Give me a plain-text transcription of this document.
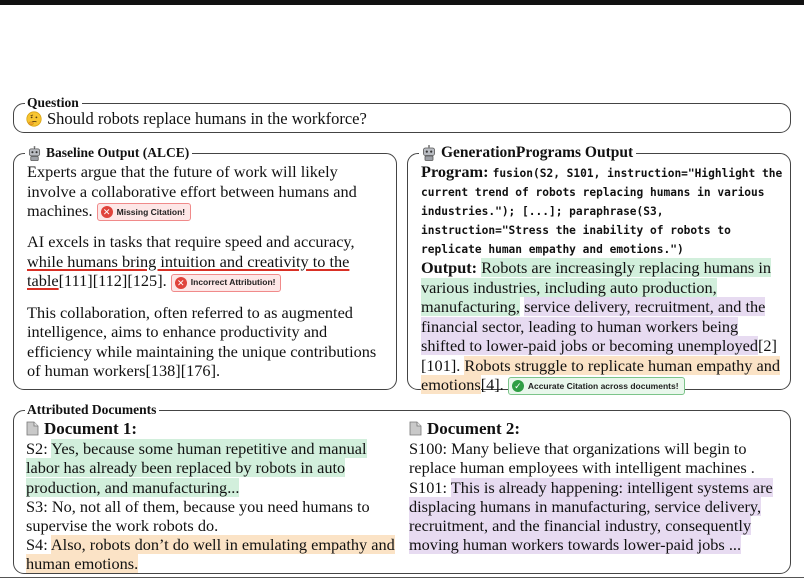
Question
Should robots replace humans in the workforce?
Baseline Output (ALCE)

Experts argue that the future of work will likely involve a collaborative effort between humans and machines. ✕ Missing Citation!

AI excels in tasks that require speed and accuracy, while humans bring intuition and creativity to the table[111][112][125]. ✕ Incorrect Attribution!

This collaboration, often referred to as augmented intelligence, aims to enhance productivity and efficiency while maintaining the unique contributions of human workers[138][176].

GenerationPrograms Output
Program: fusion(S2, S101, instruction="Highlight the current trend of robots replacing humans in various industries."); [...]; paraphrase(S3, instruction="Stress the inability of robots to replicate human empathy and emotions.")
Output: Robots are increasingly replacing humans in various industries, including auto production, manufacturing, service delivery, recruitment, and the financial sector, leading to human workers being shifted to lower-paid jobs or becoming unemployed[2][101]. Robots struggle to replicate human empathy and emotions[4]. ✓ Accurate Citation across documents!
Attributed Documents
Document 1:
S2: Yes, because some human repetitive and manual labor has already been replaced by robots in auto production, and manufacturing...
S3: No, not all of them, because you need humans to supervise the work robots do.
S4: Also, robots don’t do well in emulating empathy and human emotions.
Document 2:
S100: Many believe that organizations will begin to replace human employees with intelligent machines .
S101: This is already happening: intelligent systems are displacing humans in manufacturing, service delivery, recruitment, and the financial industry, consequently moving human workers towards lower-paid jobs ...
